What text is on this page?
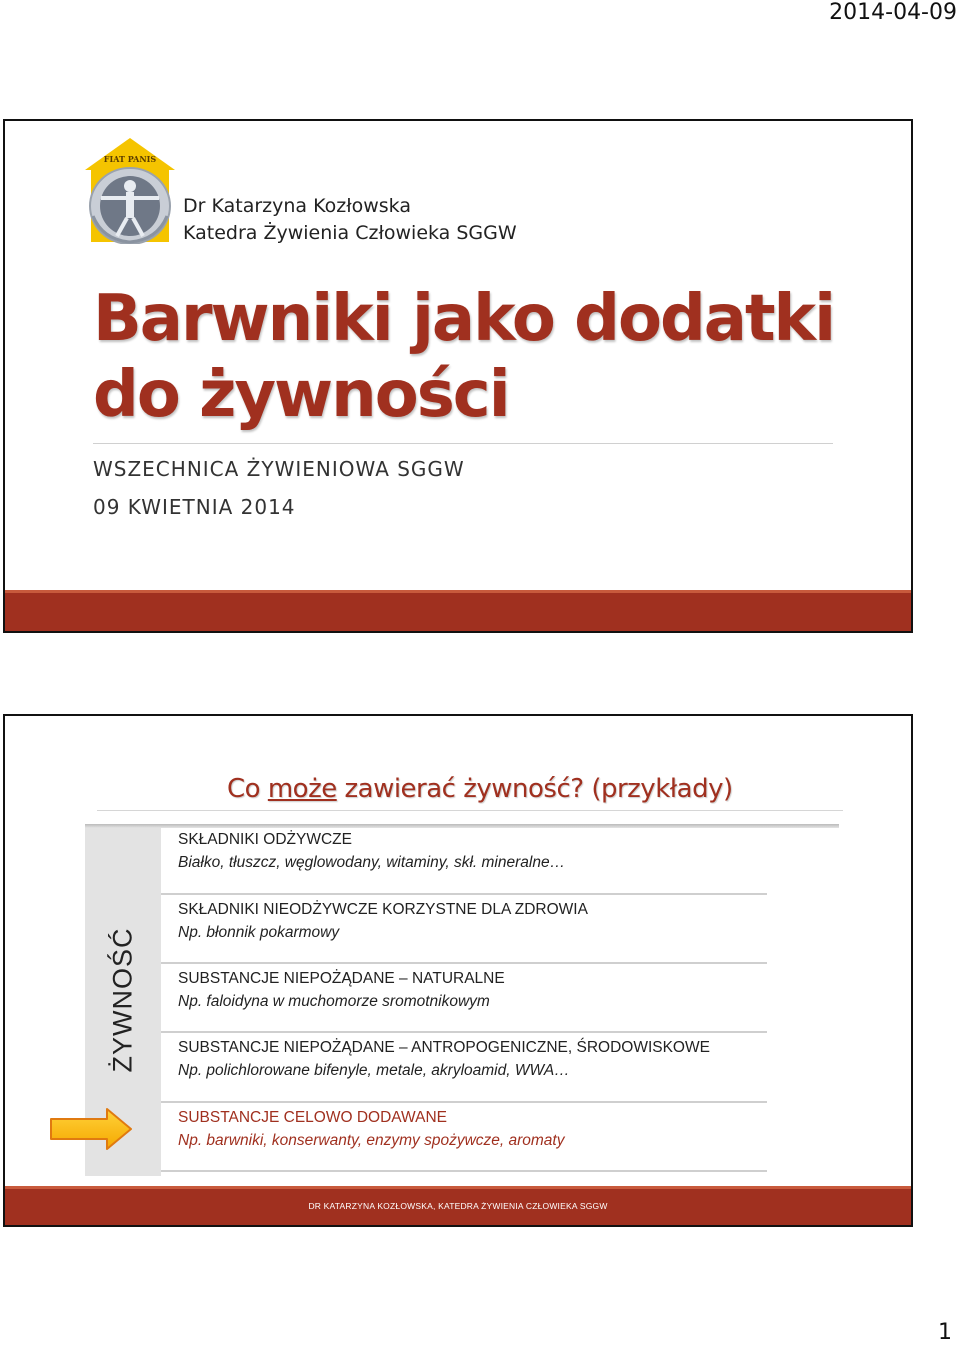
2014-04-09
FIAT PANIS
Dr Katarzyna Kozłowska
Katedra Żywienia Człowieka SGGW
Barwniki jako dodatki
do żywności
WSZECHNICA ŻYWIENIOWA SGGW
09 KWIETNIA 2014
Co może zawierać żywność? (przykłady)
ŻYWNOŚĆ
SKŁADNIKI ODŻYWCZE
Białko, tłuszcz, węglowodany, witaminy, skł. mineralne…
SKŁADNIKI NIEODŻYWCZE KORZYSTNE DLA ZDROWIA
Np. błonnik pokarmowy
SUBSTANCJE NIEPOŻĄDANE – NATURALNE
Np. faloidyna w muchomorze sromotnikowym
SUBSTANCJE NIEPOŻĄDANE – ANTROPOGENICZNE, ŚRODOWISKOWE
Np. polichlorowane bifenyle, metale, akryloamid, WWA…
SUBSTANCJE CELOWO DODAWANE
Np. barwniki, konserwanty, enzymy spożywcze, aromaty
DR KATARZYNA KOZŁOWSKA, KATEDRA ŻYWIENIA CZŁOWIEKA SGGW
1
